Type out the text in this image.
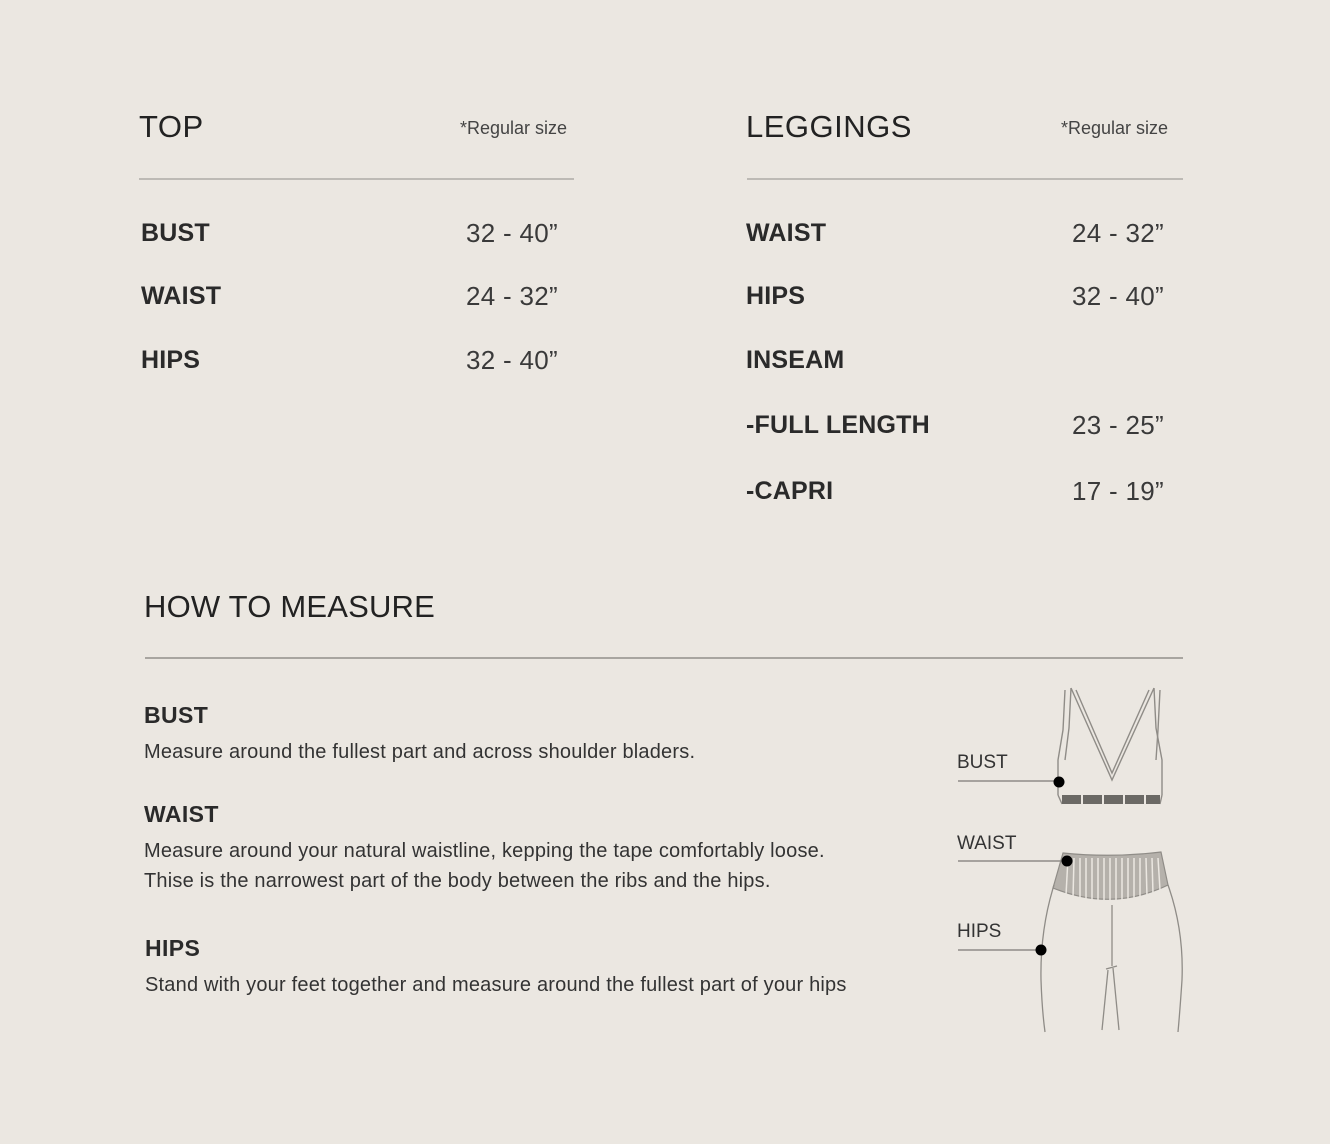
TOP	*Regular size
BUST	32 - 40”
WAIST	24 - 32”
HIPS	32 - 40”
LEGGINGS	*Regular size
WAIST	24 - 32”
HIPS	32 - 40”
INSEAM
-FULL LENGTH	23 - 25”
-CAPRI	17 - 19”
HOW TO MEASURE
BUST
Measure around the fullest part and across shoulder bladers.
WAIST
Measure around your natural waistline, kepping the tape comfortably loose.
Thise is the narrowest part of the body between the ribs and the hips.
HIPS
Stand with your feet together and measure around the fullest part of your hips
BUST
WAIST
HIPS
